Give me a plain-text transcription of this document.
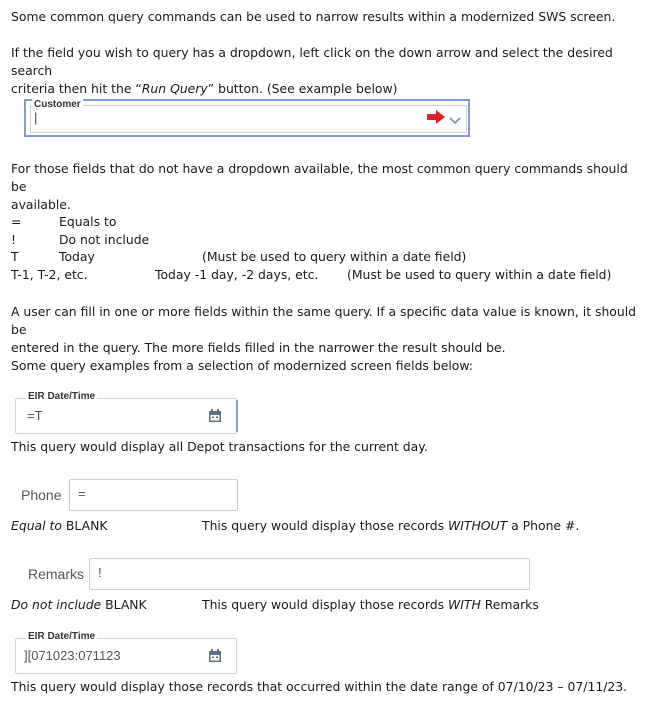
Some common query commands can be used to narrow results within a modernized SWS screen.
If the field you wish to query has a dropdown, left click on the down arrow and select the desired search
criteria then hit the “Run Query” button. (See example below)
Customer
|
For those fields that do not have a dropdown available, the most common query commands should be
available.
=	Equals to
!	Do not include
T	Today	(Must be used to query within a date field)
T-1, T-2, etc.	Today -1 day, -2 days, etc. (Must be used to query within a date field)
A user can fill in one or more fields within the same query. If a specific data value is known, it should be
entered in the query. The more fields filled in the narrower the result should be.
Some query examples from a selection of modernized screen fields below:
EIR Date/Time
=T
This query would display all Depot transactions for the current day.
Phone =
Equal to BLANK	This query would display those records WITHOUT a Phone #.
Remarks !
Do not include BLANK	This query would display those records WITH Remarks
EIR Date/Time
][071023:071123
This query would display those records that occurred within the date range of 07/10/23 – 07/11/23.
